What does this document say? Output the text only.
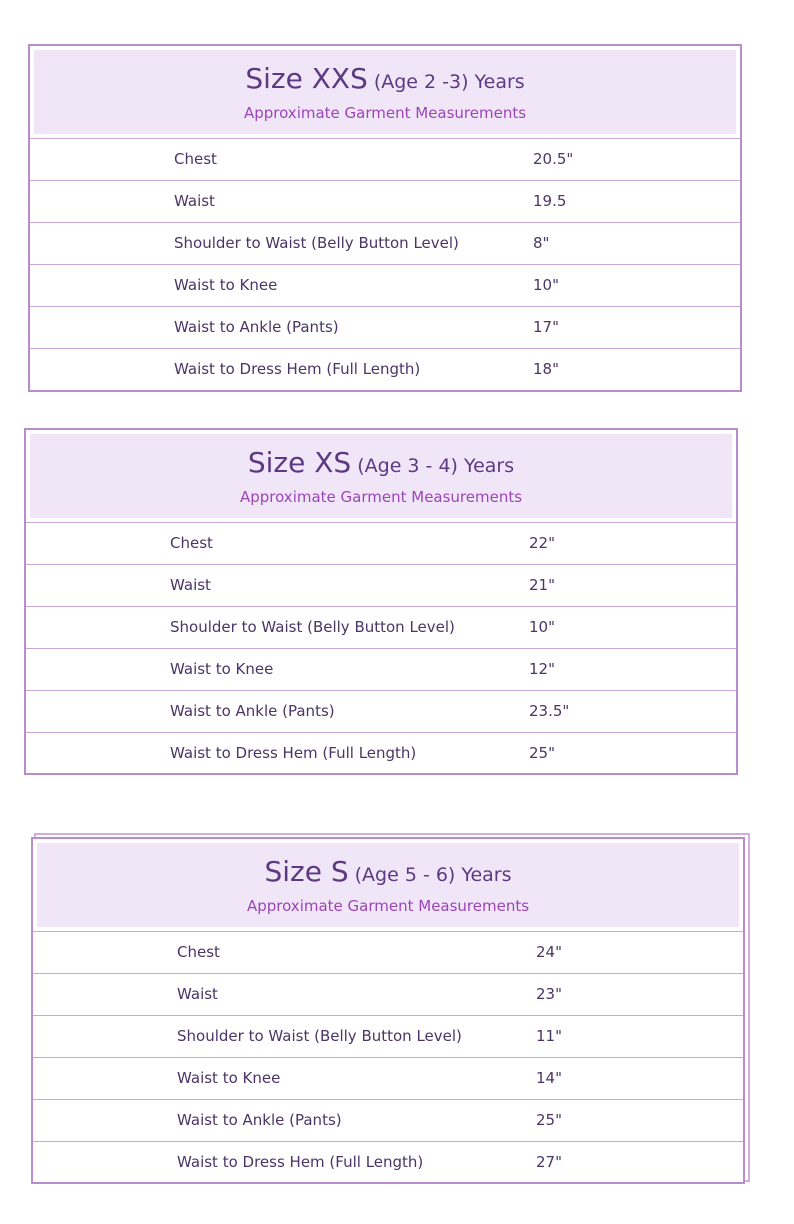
Size XXS (Age 2 -3) Years
Approximate Garment Measurements
Chest	20.5"
Waist	19.5
Shoulder to Waist (Belly Button Level)	8"
Waist to Knee	10"
Waist to Ankle (Pants)	17"
Waist to Dress Hem (Full Length)	18"
Size XS (Age 3 - 4) Years
Approximate Garment Measurements
Chest	22"
Waist	21"
Shoulder to Waist (Belly Button Level)	10"
Waist to Knee	12"
Waist to Ankle (Pants)	23.5"
Waist to Dress Hem (Full Length)	25"
Size S (Age 5 - 6) Years
Approximate Garment Measurements
Chest	24"
Waist	23"
Shoulder to Waist (Belly Button Level)	11"
Waist to Knee	14"
Waist to Ankle (Pants)	25"
Waist to Dress Hem (Full Length)	27"
